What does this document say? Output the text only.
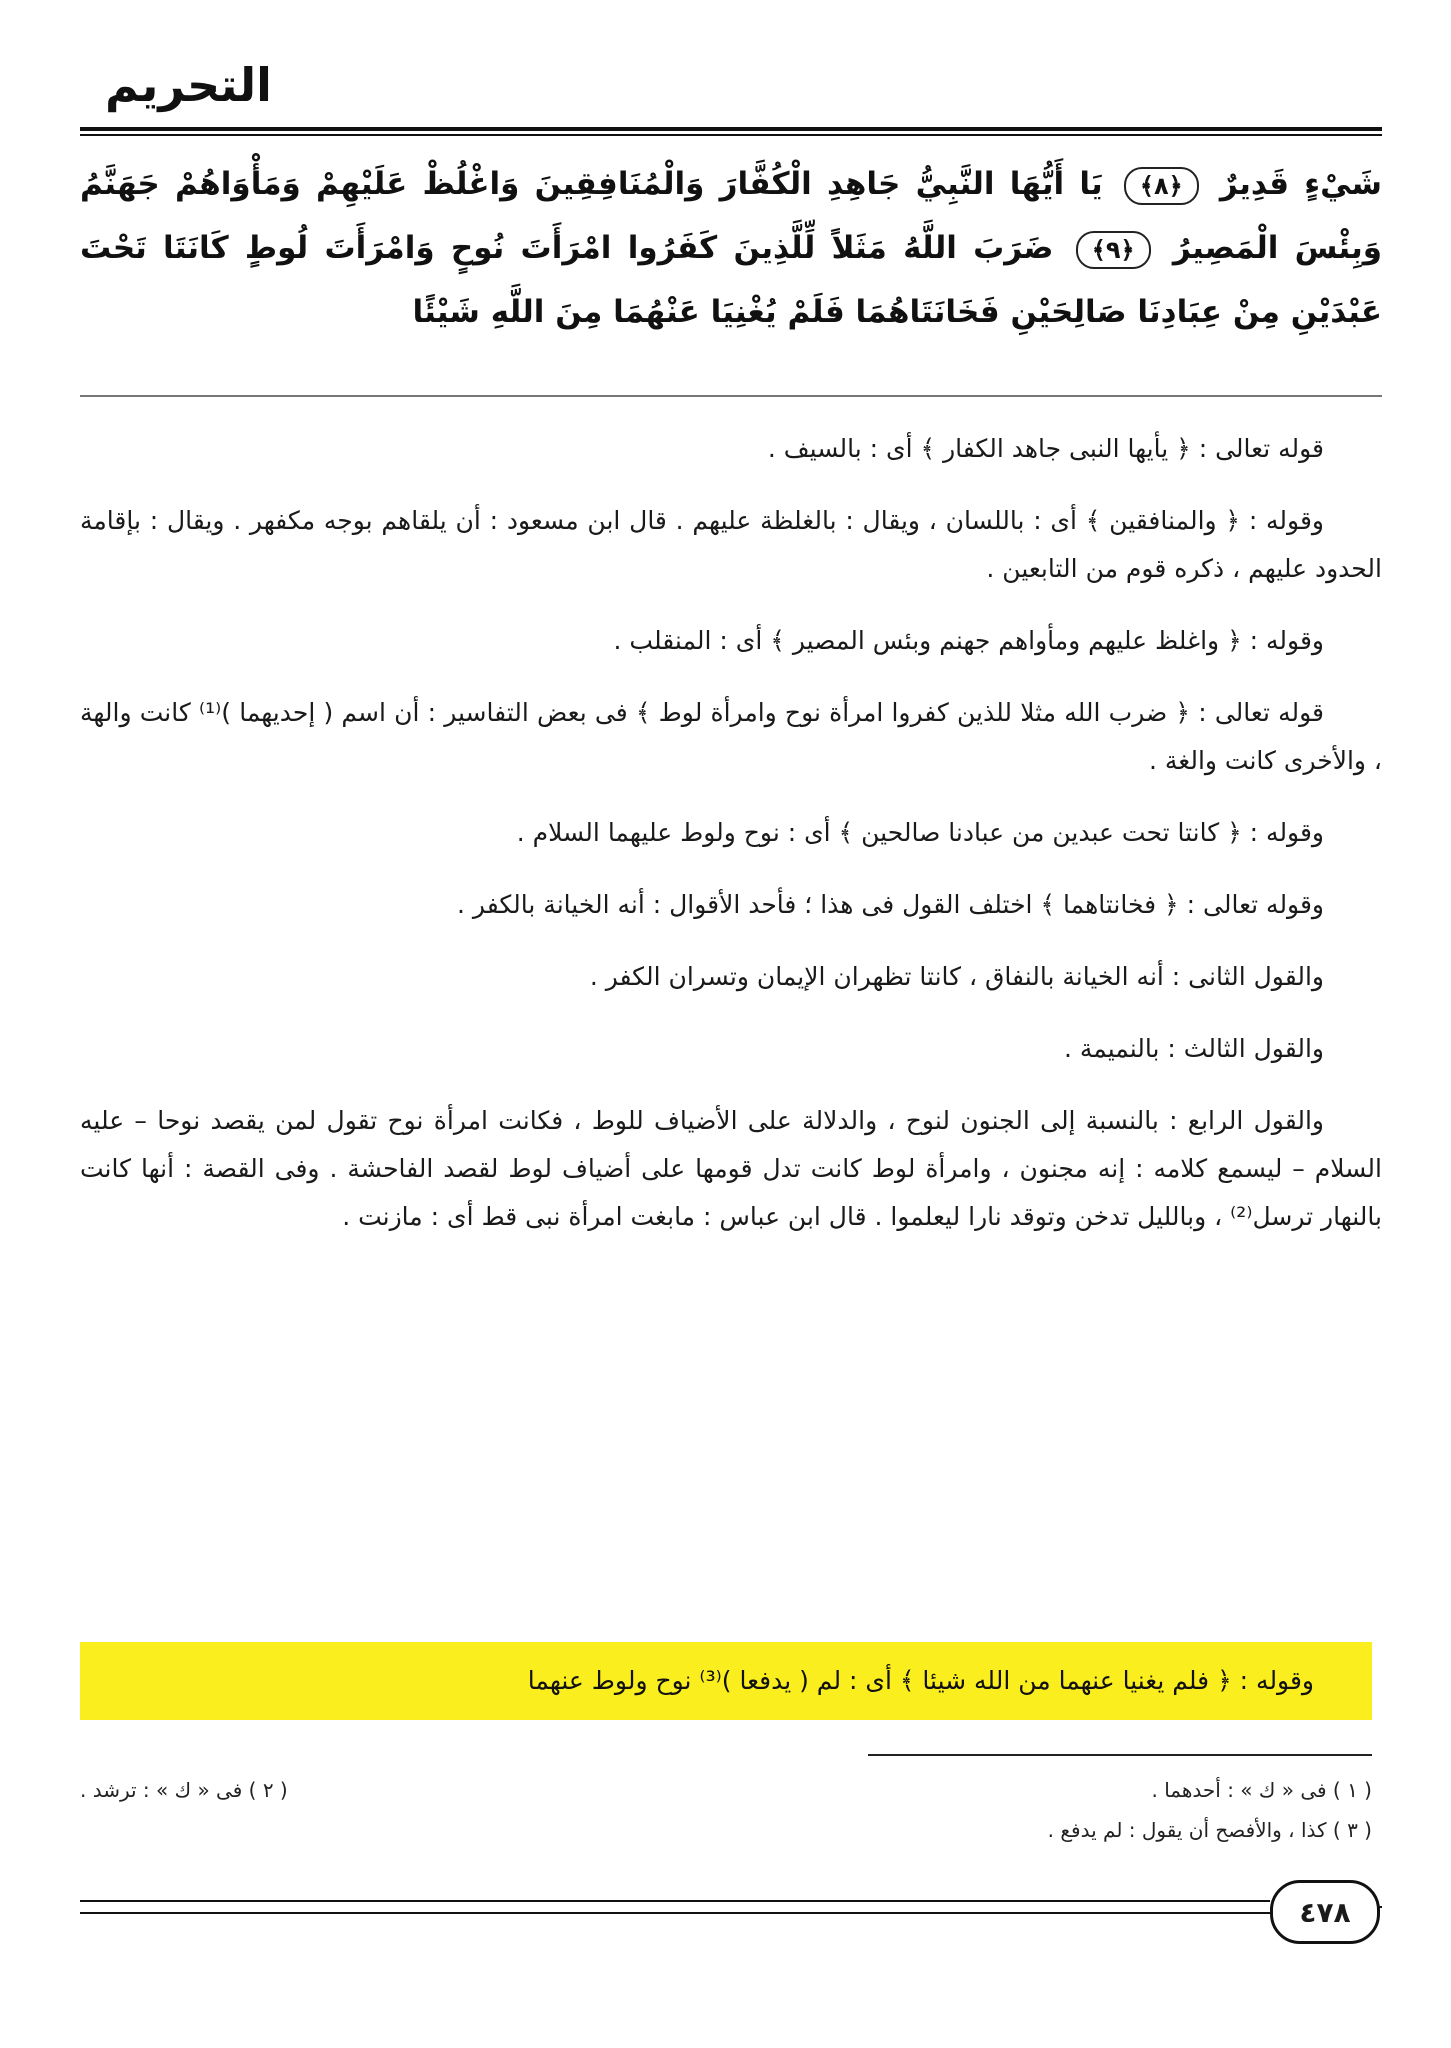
التحريم
شَيْءٍ قَدِيرٌ ﴿٨﴾ يَا أَيُّهَا النَّبِيُّ جَاهِدِ الْكُفَّارَ وَالْمُنَافِقِينَ وَاغْلُظْ عَلَيْهِمْ وَمَأْوَاهُمْ جَهَنَّمُ وَبِئْسَ الْمَصِيرُ ﴿٩﴾ ضَرَبَ اللَّهُ مَثَلاً لِّلَّذِينَ كَفَرُوا امْرَأَتَ نُوحٍ وَامْرَأَتَ لُوطٍ كَانَتَا تَحْتَ عَبْدَيْنِ مِنْ عِبَادِنَا صَالِحَيْنِ فَخَانَتَاهُمَا فَلَمْ يُغْنِيَا عَنْهُمَا مِنَ اللَّهِ شَيْئًا

قوله تعالى : ﴿ يأيها النبى جاهد الكفار ﴾ أى : بالسيف .

وقوله : ﴿ والمنافقين ﴾ أى : باللسان ، ويقال : بالغلظة عليهم . قال ابن مسعود : أن يلقاهم بوجه مكفهر . ويقال : بإقامة الحدود عليهم ، ذكره قوم من التابعين .

وقوله : ﴿ واغلظ عليهم ومأواهم جهنم وبئس المصير ﴾ أى : المنقلب .

قوله تعالى : ﴿ ضرب الله مثلا للذين كفروا امرأة نوح وامرأة لوط ﴾ فى بعض التفاسير : أن اسم ( إحديهما )⁽¹⁾ كانت والهة ، والأخرى كانت والغة .

وقوله : ﴿ كانتا تحت عبدين من عبادنا صالحين ﴾ أى : نوح ولوط عليهما السلام .

وقوله تعالى : ﴿ فخانتاهما ﴾ اختلف القول فى هذا ؛ فأحد الأقوال : أنه الخيانة بالكفر .

والقول الثانى : أنه الخيانة بالنفاق ، كانتا تظهران الإيمان وتسران الكفر .

والقول الثالث : بالنميمة .

والقول الرابع : بالنسبة إلى الجنون لنوح ، والدلالة على الأضياف للوط ، فكانت امرأة نوح تقول لمن يقصد نوحا – عليه السلام – ليسمع كلامه : إنه مجنون ، وامرأة لوط كانت تدل قومها على أضياف لوط لقصد الفاحشة . وفى القصة : أنها كانت بالنهار ترسل⁽²⁾ ، وبالليل تدخن وتوقد نارا ليعلموا . قال ابن عباس : مابغت امرأة نبى قط أى : مازنت .

وقوله : ﴿ فلم يغنيا عنهما من الله شيئا ﴾ أى : لم ( يدفعا )⁽³⁾ نوح ولوط عنهما
( ١ ) فى « ك » : أحدهما .
( ٢ ) فى « ك » : ترشد .
( ٣ ) كذا ، والأفصح أن يقول : لم يدفع .
٤٧٨
